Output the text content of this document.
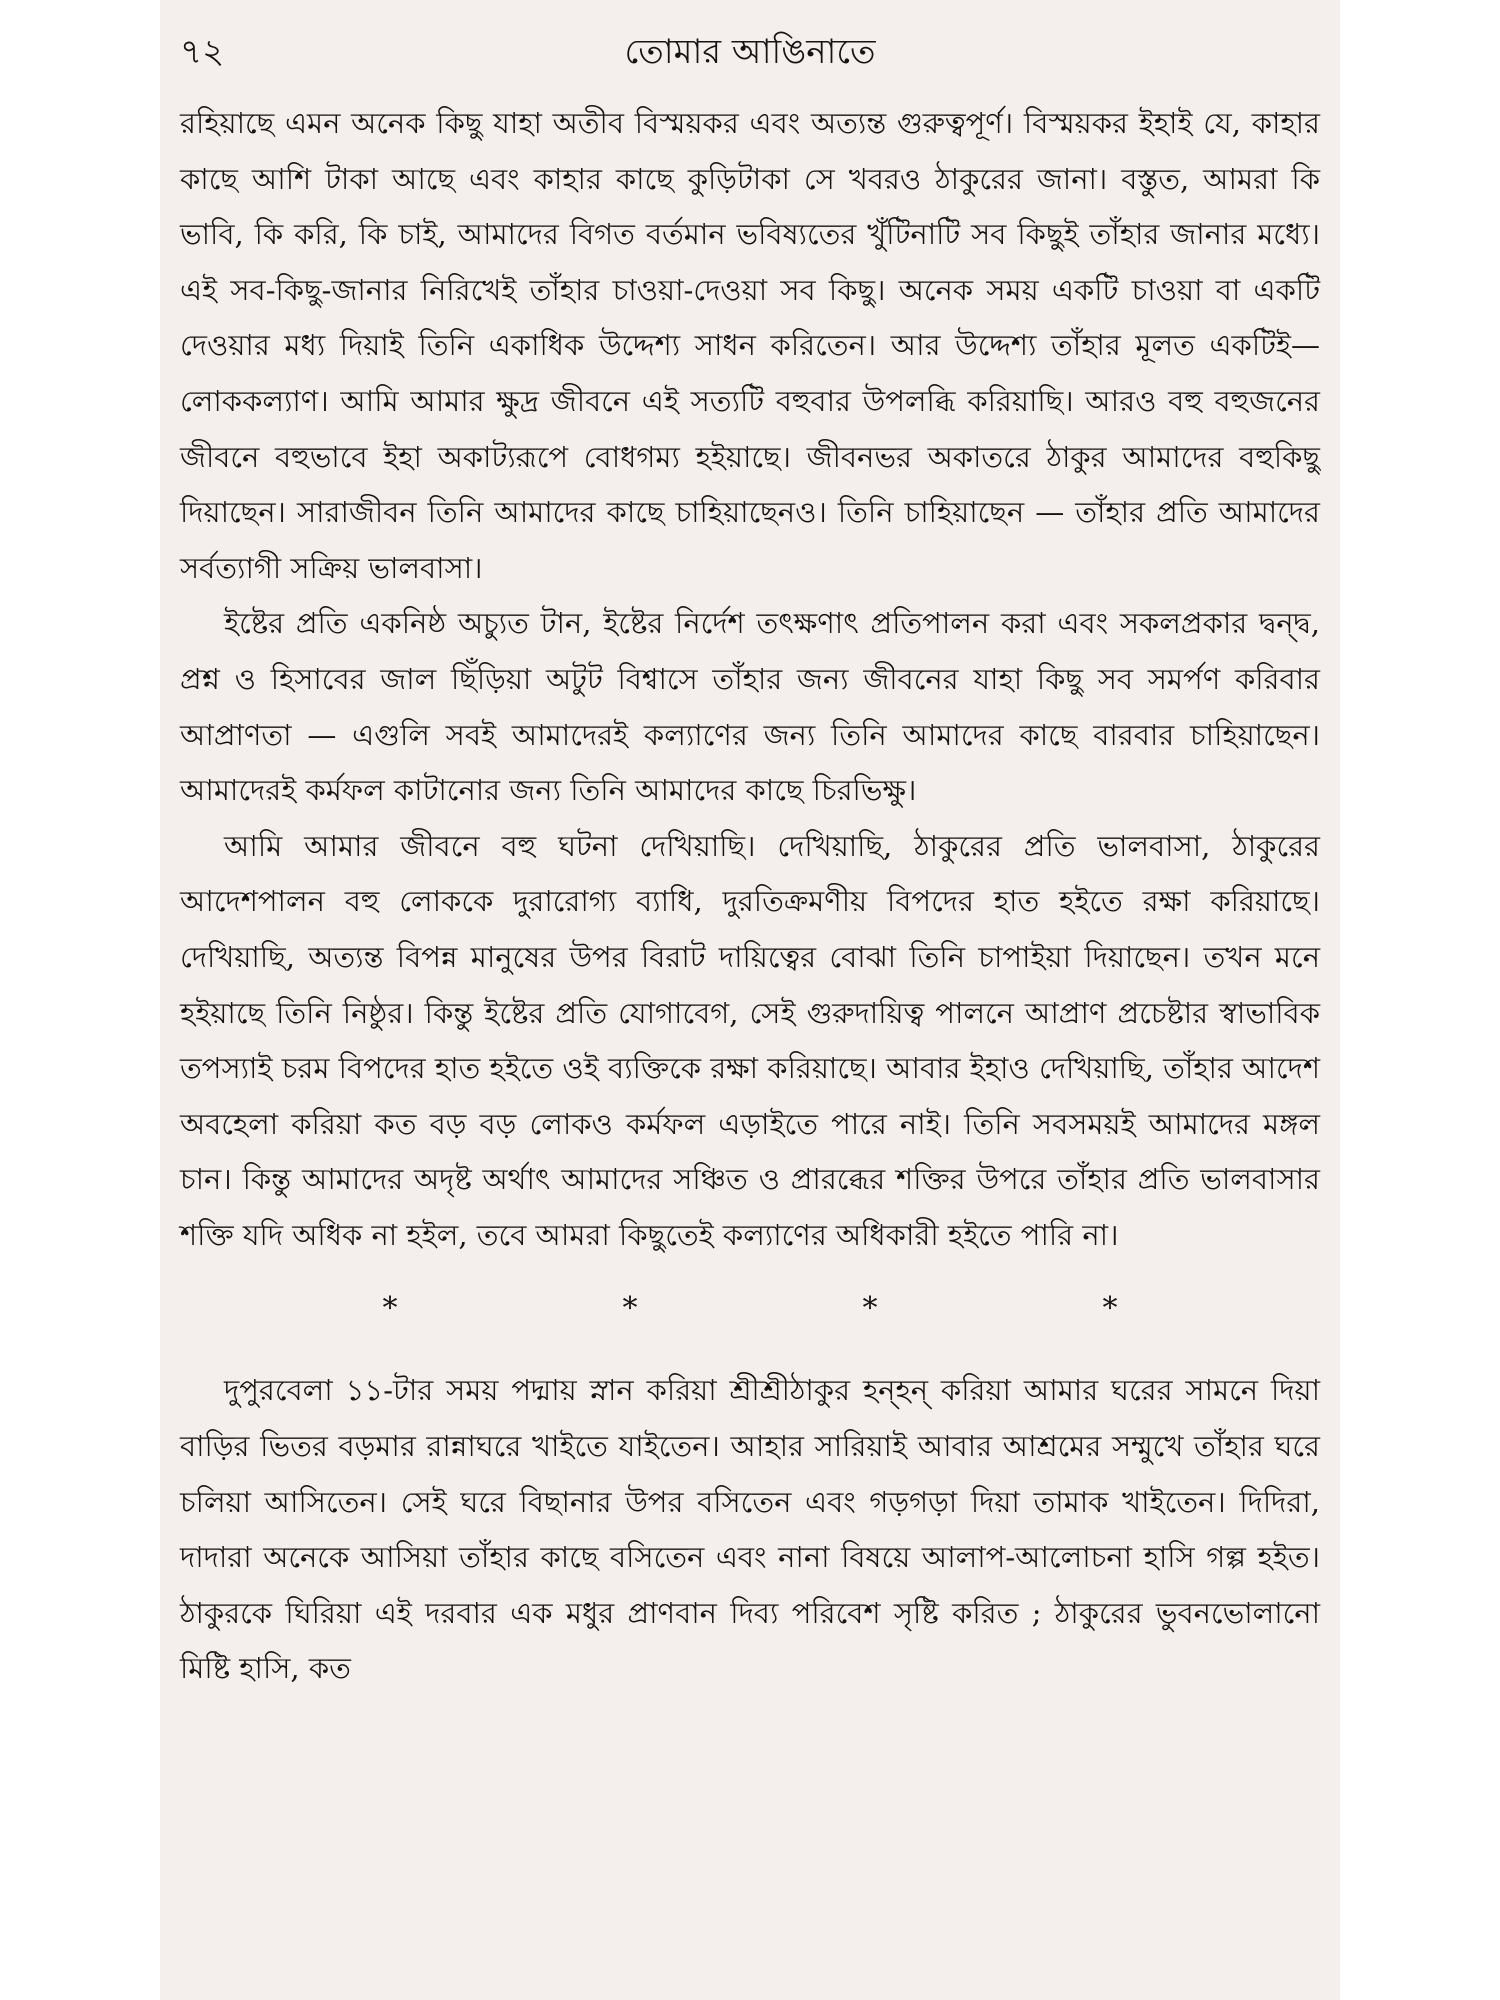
৭২	তোমার আঙিনাতে

রহিয়াছে এমন অনেক কিছু যাহা অতীব বিস্ময়কর এবং অত্যন্ত গুরুত্বপূর্ণ। বিস্ময়কর ইহাই যে, কাহার কাছে আশি টাকা আছে এবং কাহার কাছে কুড়িটাকা সে খবরও ঠাকুরের জানা। বস্তুত, আমরা কি ভাবি, কি করি, কি চাই, আমাদের বিগত বর্তমান ভবিষ্যতের খুঁটিনাটি সব কিছুই তাঁহার জানার মধ্যে। এই সব-কিছু-জানার নিরিখেই তাঁহার চাওয়া-দেওয়া সব কিছু। অনেক সময় একটি চাওয়া বা একটি দেওয়ার মধ্য দিয়াই তিনি একাধিক উদ্দেশ্য সাধন করিতেন। আর উদ্দেশ্য তাঁহার মূলত একটিই—লোককল্যাণ। আমি আমার ক্ষুদ্র জীবনে এই সত্যটি বহুবার উপলব্ধি করিয়াছি। আরও বহু বহুজনের জীবনে বহুভাবে ইহা অকাট্যরূপে বোধগম্য হইয়াছে। জীবনভর অকাতরে ঠাকুর আমাদের বহুকিছু দিয়াছেন। সারাজীবন তিনি আমাদের কাছে চাহিয়াছেনও। তিনি চাহিয়াছেন — তাঁহার প্রতি আমাদের সর্বত্যাগী সক্রিয় ভালবাসা।

ইষ্টের প্রতি একনিষ্ঠ অচ্যুত টান, ইষ্টের নির্দেশ তৎক্ষণাৎ প্রতিপালন করা এবং সকলপ্রকার দ্বন্দ্ব, প্রশ্ন ও হিসাবের জাল ছিঁড়িয়া অটুট বিশ্বাসে তাঁহার জন্য জীবনের যাহা কিছু সব সমর্পণ করিবার আপ্রাণতা — এগুলি সবই আমাদেরই কল্যাণের জন্য তিনি আমাদের কাছে বারবার চাহিয়াছেন। আমাদেরই কর্মফল কাটানোর জন্য তিনি আমাদের কাছে চিরভিক্ষু।

আমি আমার জীবনে বহু ঘটনা দেখিয়াছি। দেখিয়াছি, ঠাকুরের প্রতি ভালবাসা, ঠাকুরের আদেশপালন বহু লোককে দুরারোগ্য ব্যাধি, দুরতিক্রমণীয় বিপদের হাত হইতে রক্ষা করিয়াছে। দেখিয়াছি, অত্যন্ত বিপন্ন মানুষের উপর বিরাট দায়িত্বের বোঝা তিনি চাপাইয়া দিয়াছেন। তখন মনে হইয়াছে তিনি নিষ্ঠুর। কিন্তু ইষ্টের প্রতি যোগাবেগ, সেই গুরুদায়িত্ব পালনে আপ্রাণ প্রচেষ্টার স্বাভাবিক তপস্যাই চরম বিপদের হাত হইতে ওই ব্যক্তিকে রক্ষা করিয়াছে। আবার ইহাও দেখিয়াছি, তাঁহার আদেশ অবহেলা করিয়া কত বড় বড় লোকও কর্মফল এড়াইতে পারে নাই। তিনি সবসময়ই আমাদের মঙ্গল চান। কিন্তু আমাদের অদৃষ্ট অর্থাৎ আমাদের সঞ্চিত ও প্রারব্ধের শক্তির উপরে তাঁহার প্রতি ভালবাসার শক্তি যদি অধিক না হইল, তবে আমরা কিছুতেই কল্যাণের অধিকারী হইতে পারি না।

*	*	*	*

দুপুরবেলা ১১-টার সময় পদ্মায় স্নান করিয়া শ্রীশ্রীঠাকুর হন্‌হন্‌ করিয়া আমার ঘরের সামনে দিয়া বাড়ির ভিতর বড়মার রান্নাঘরে খাইতে যাইতেন। আহার সারিয়াই আবার আশ্রমের সম্মুখে তাঁহার ঘরে চলিয়া আসিতেন। সেই ঘরে বিছানার উপর বসিতেন এবং গড়গড়া দিয়া তামাক খাইতেন। দিদিরা, দাদারা অনেকে আসিয়া তাঁহার কাছে বসিতেন এবং নানা বিষয়ে আলাপ-আলোচনা হাসি গল্প হইত। ঠাকুরকে ঘিরিয়া এই দরবার এক মধুর প্রাণবান দিব্য পরিবেশ সৃষ্টি করিত ; ঠাকুরের ভুবনভোলানো মিষ্টি হাসি, কত
